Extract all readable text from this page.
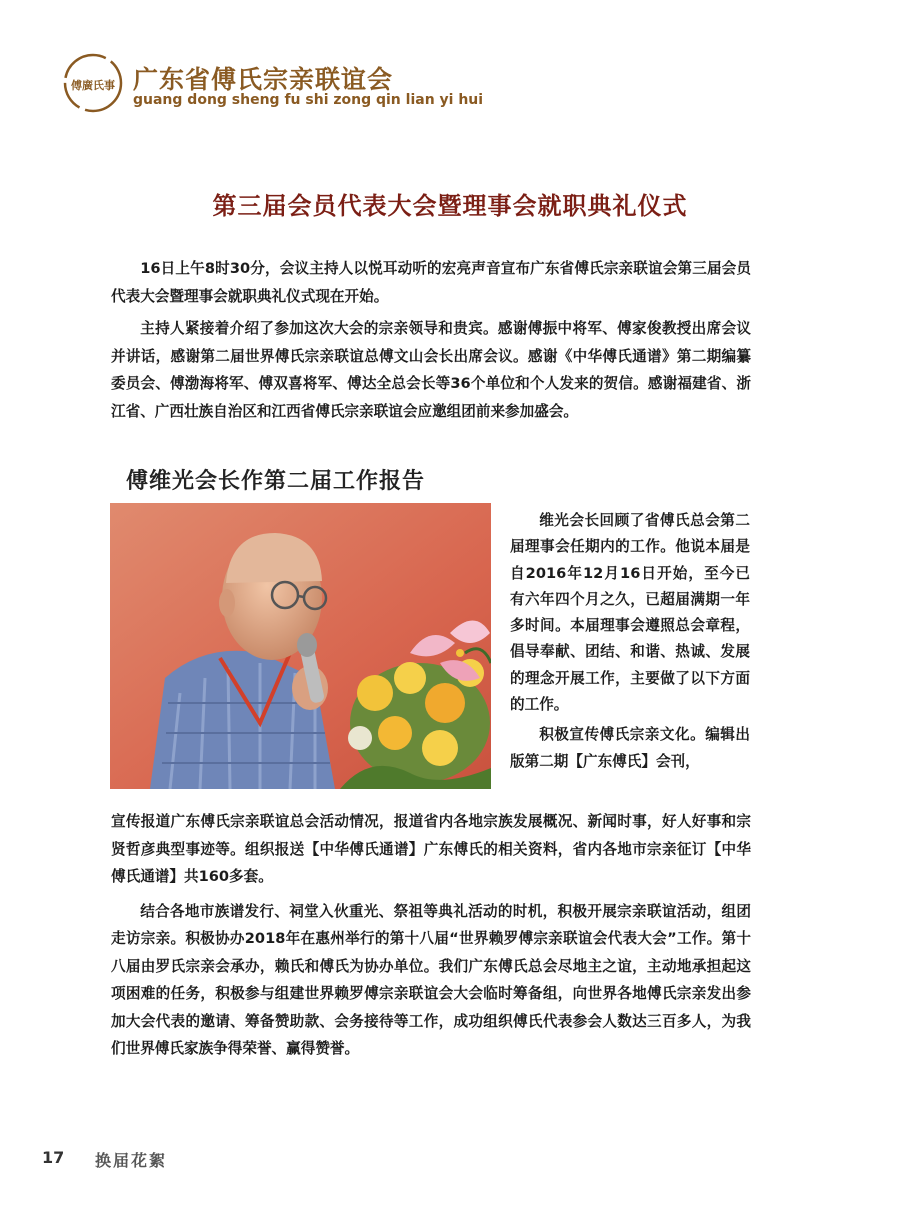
傅廣氏事 广东省傅氏宗亲联谊会
guang dong sheng fu shi zong qin lian yi hui
第三届会员代表大会暨理事会就职典礼仪式

16日上午8时30分，会议主持人以悦耳动听的宏亮声音宣布广东省傅氏宗亲联谊会第三届会员代表大会暨理事会就职典礼仪式现在开始。

主持人紧接着介绍了参加这次大会的宗亲领导和贵宾。感谢傅振中将军、傅家俊教授出席会议并讲话，感谢第二届世界傅氏宗亲联谊总傅文山会长出席会议。感谢《中华傅氏通谱》第二期编纂委员会、傅渤海将军、傅双喜将军、傅达全总会长等36个单位和个人发来的贺信。感谢福建省、浙江省、广西壮族自治区和江西省傅氏宗亲联谊会应邀组团前来参加盛会。

傅维光会长作第二届工作报告

维光会长回顾了省傅氏总会第二届理事会任期内的工作。他说本届是自2016年12月16日开始，至今已有六年四个月之久，已超届满期一年多时间。本届理事会遵照总会章程，倡导奉献、团结、和谐、热诚、发展的理念开展工作，主要做了以下方面的工作。

积极宣传傅氏宗亲文化。编辑出版第二期【广东傅氏】会刊，

宣传报道广东傅氏宗亲联谊总会活动情况，报道省内各地宗族发展概况、新闻时事，好人好事和宗贤哲彦典型事迹等。组织报送【中华傅氏通谱】广东傅氏的相关资料，省内各地市宗亲征订【中华傅氏通谱】共160多套。

结合各地市族谱发行、祠堂入伙重光、祭祖等典礼活动的时机，积极开展宗亲联谊活动，组团走访宗亲。积极协办2018年在惠州举行的第十八届“世界赖罗傅宗亲联谊会代表大会”工作。第十八届由罗氏宗亲会承办，赖氏和傅氏为协办单位。我们广东傅氏总会尽地主之谊，主动地承担起这项困难的任务，积极参与组建世界赖罗傅宗亲联谊会大会临时筹备组，向世界各地傅氏宗亲发出参加大会代表的邀请、筹备赞助款、会务接待等工作，成功组织傅氏代表参会人数达三百多人，为我们世界傅氏家族争得荣誉、赢得赞誉。

17 换届花絮
